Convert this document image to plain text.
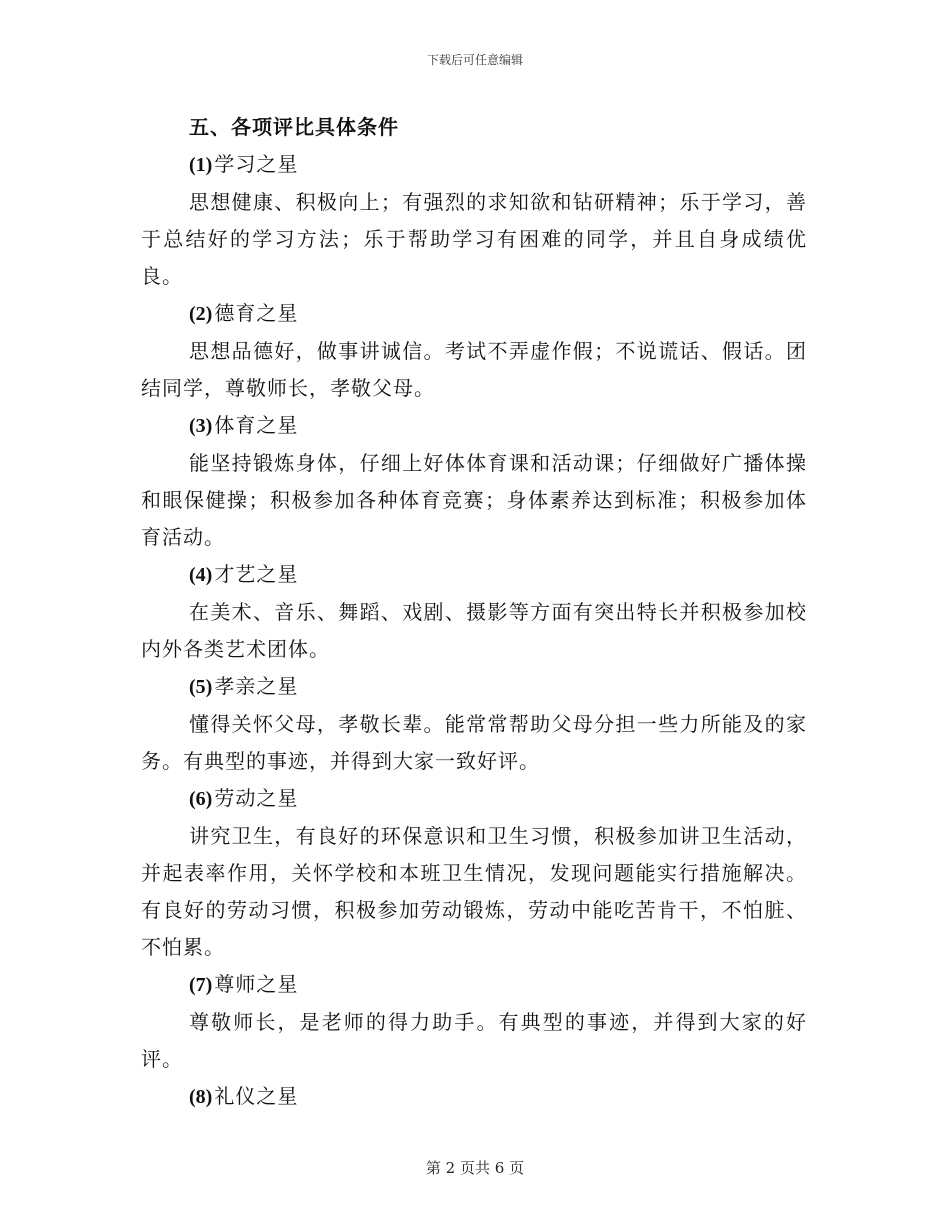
下载后可任意编辑

五、各项评比具体条件

(1) 学习之星

思想健康、积极向上；有强烈的求知欲和钻研精神；乐于学习，善于总结好的学习方法；乐于帮助学习有困难的同学，并且自身成绩优良。

(2) 德育之星

思想品德好，做事讲诚信。考试不弄虚作假；不说谎话、假话。团结同学，尊敬师长，孝敬父母。

(3) 体育之星

能坚持锻炼身体，仔细上好体体育课和活动课；仔细做好广播体操和眼保健操；积极参加各种体育竞赛；身体素养达到标准；积极参加体育活动。

(4) 才艺之星

在美术、音乐、舞蹈、戏剧、摄影等方面有突出特长并积极参加校内外各类艺术团体。

(5) 孝亲之星

懂得关怀父母，孝敬长辈。能常常帮助父母分担一些力所能及的家务。有典型的事迹，并得到大家一致好评。

(6) 劳动之星

讲究卫生，有良好的环保意识和卫生习惯，积极参加讲卫生活动，并起表率作用，关怀学校和本班卫生情况，发现问题能实行措施解决。有良好的劳动习惯，积极参加劳动锻炼，劳动中能吃苦肯干，不怕脏、不怕累。

(7) 尊师之星

尊敬师长，是老师的得力助手。有典型的事迹，并得到大家的好评。

(8) 礼仪之星

第 2 页共 6 页
